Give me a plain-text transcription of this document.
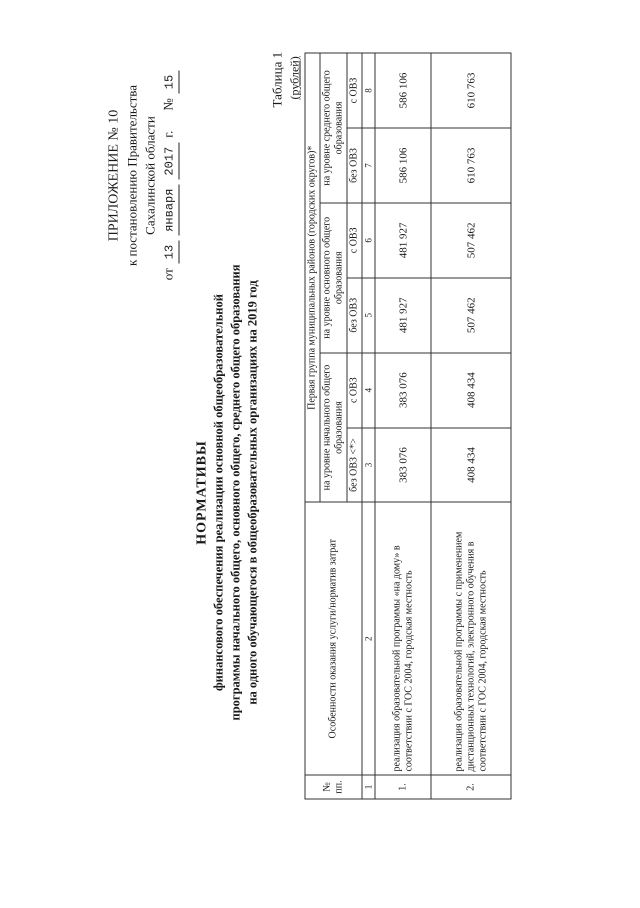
ПРИЛОЖЕНИЕ № 10 к постановлению Правительства Сахалинской области
от
13
января
2017
г.
№
15
НОРМАТИВЫ финансового обеспечения реализации основной общеобразовательной программы начального общего, основного общего, среднего общего образования на одного обучающегося в общеобразовательных организациях на 2019 год
Таблица 1 (рублей)
№ пп.	Особенности оказания услуги/норматив затрат	Первая группа муниципальных районов (городских округов)*					
		на уровне начального общего образования		на уровне основного общего образования		на уровне среднего общего образования	
		без ОВЗ <*>	с ОВЗ	без ОВЗ	с ОВЗ	без ОВЗ	с ОВЗ
1	2	3	4	5	6	7	8
1.	реализация образовательной программы «на дому» в соответствии с ГОС 2004, городская местность	383 076	383 076	481 927	481 927	586 106	586 106
2.	реализация образовательной программы с применением дистанционных технологий, электронного обучения в соответствии с ГОС 2004, городская местность	408 434	408 434	507 462	507 462	610 763	610 763
